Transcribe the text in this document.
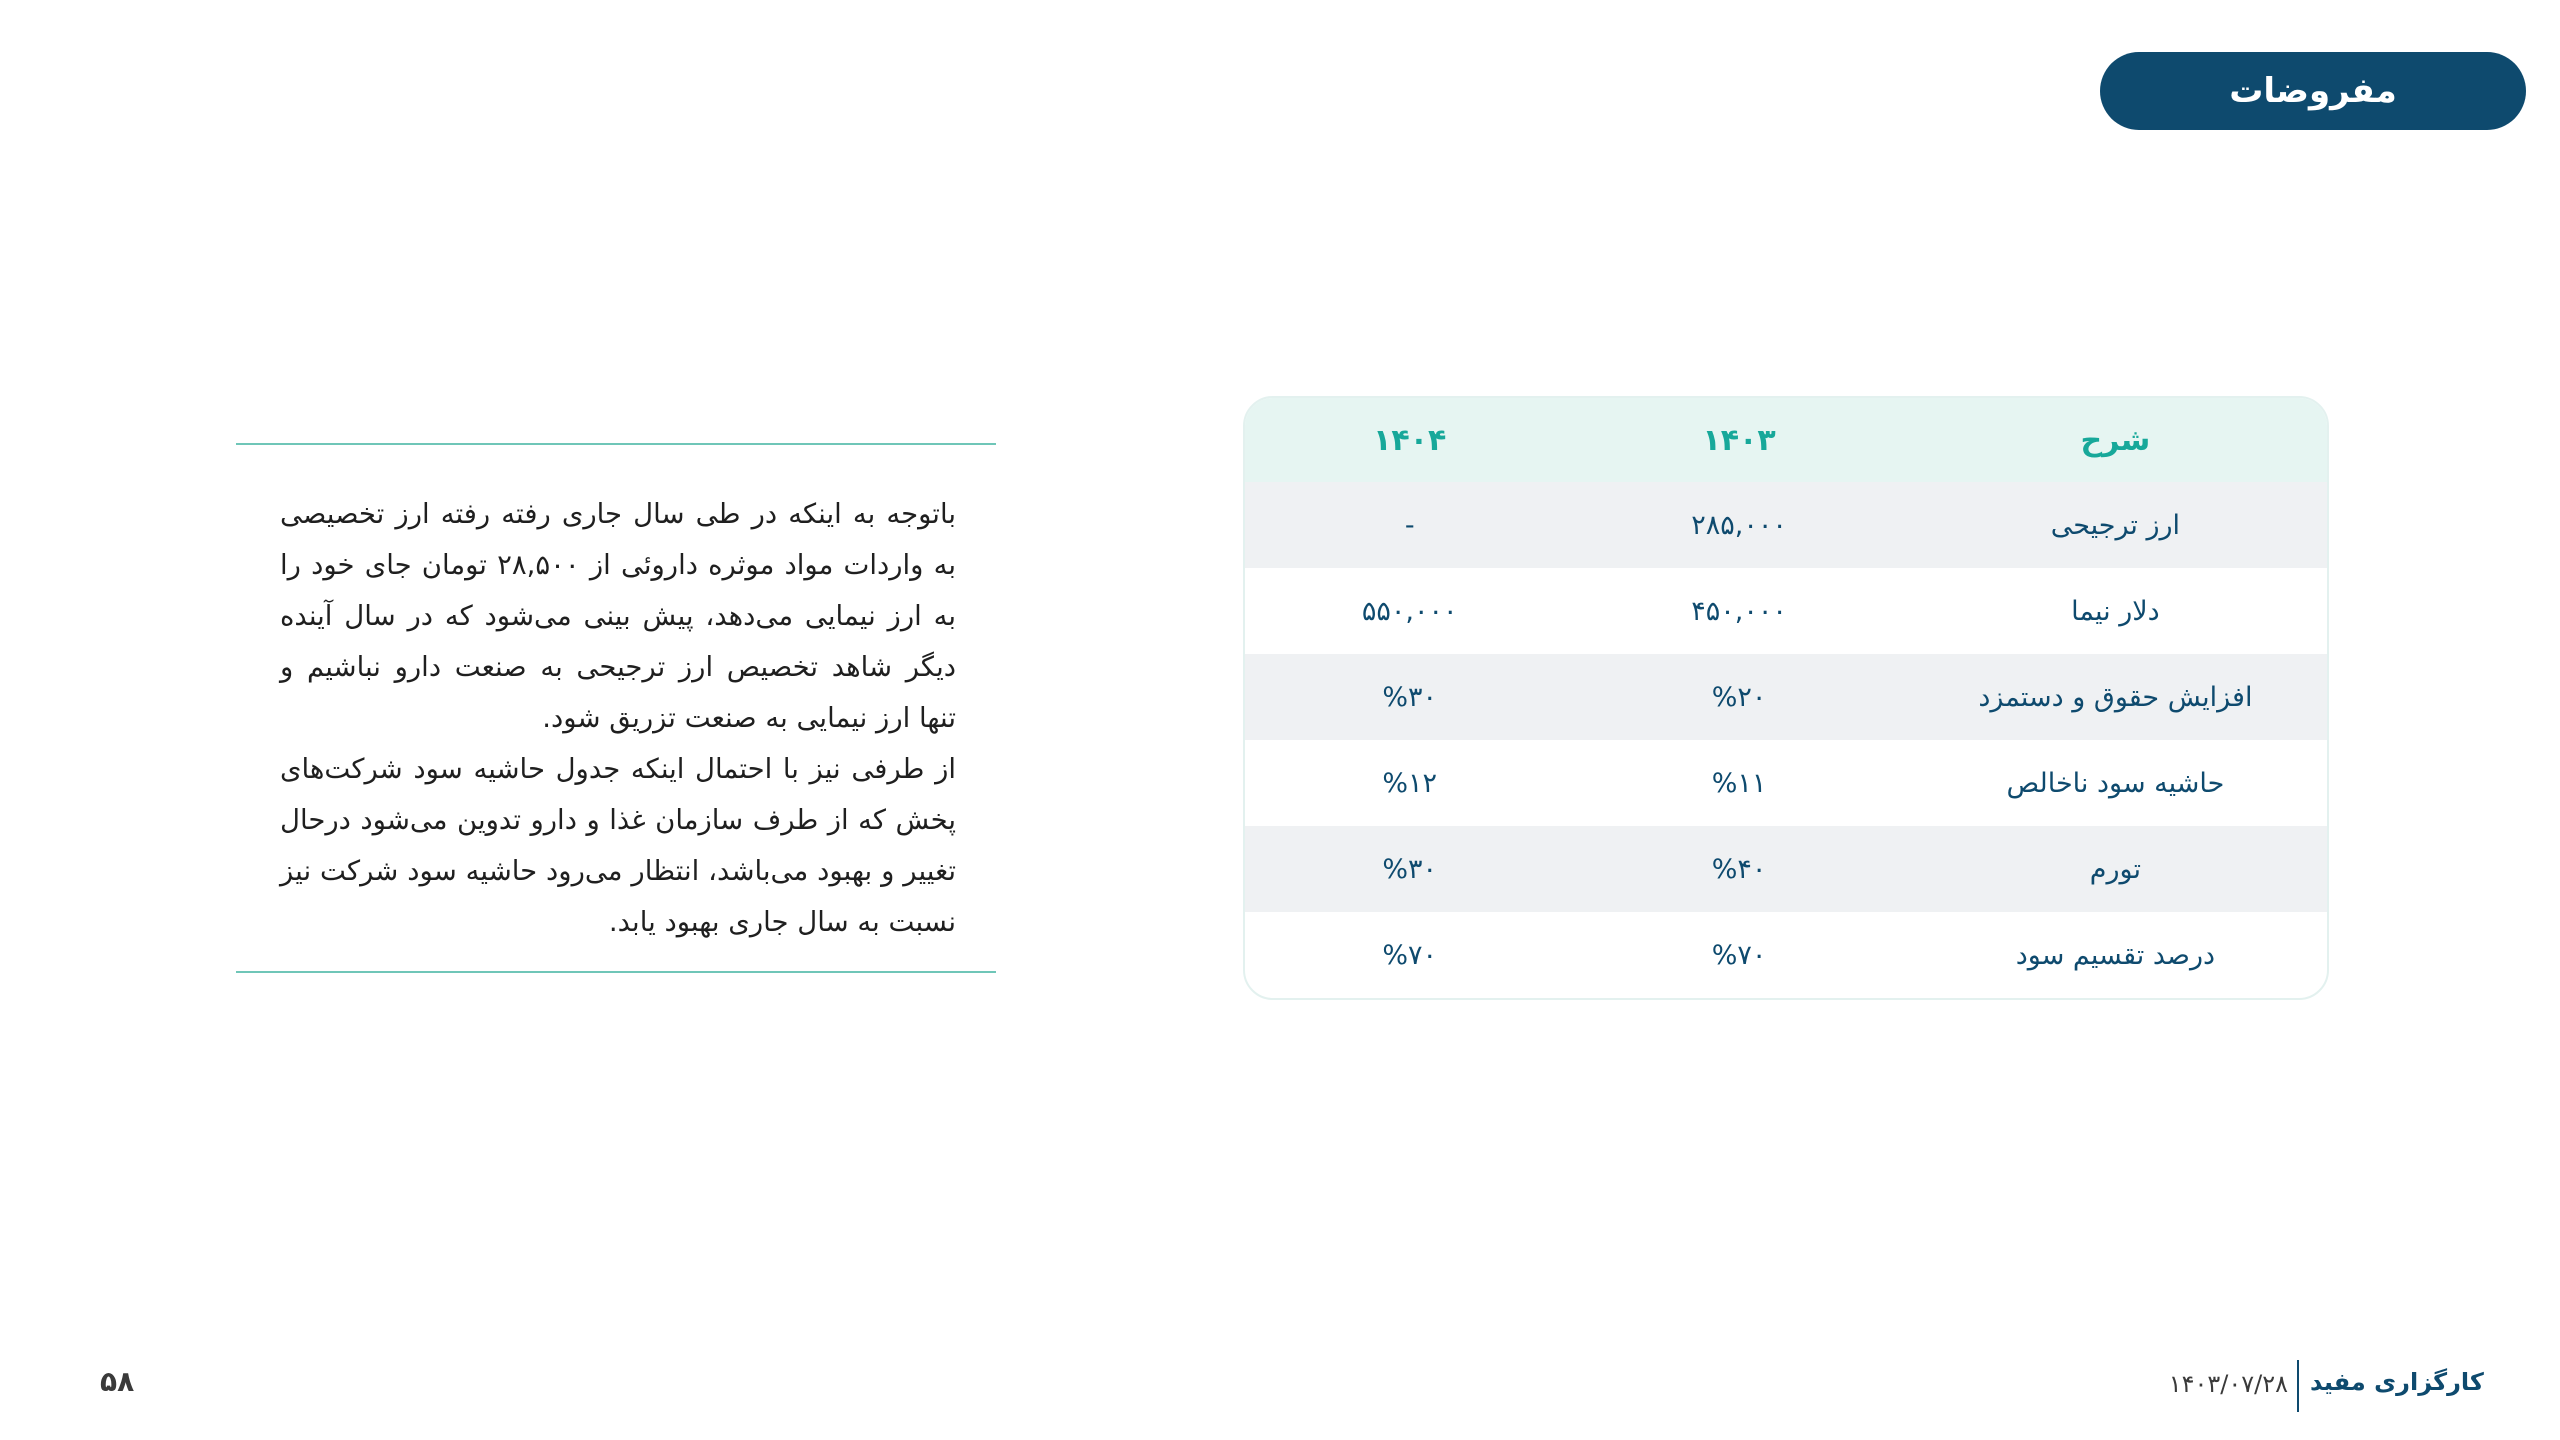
مفروضات

باتوجه به اینکه در طی سال جاری رفته رفته ارز تخصیصی به واردات مواد موثره داروئی از ۲۸,۵۰۰ تومان جای خود را به ارز نیمایی می‌دهد، پیش بینی می‌شود که در سال آینده دیگر شاهد تخصیص ارز ترجیحی به صنعت دارو نباشیم و تنها ارز نیمایی به صنعت تزریق شود.

از طرفی نیز با احتمال اینکه جدول حاشیه سود شرکت‌های پخش که از طرف سازمان غذا و دارو تدوین می‌شود درحال تغییر و بهبود می‌باشد، انتظار می‌رود حاشیه سود شرکت نیز نسبت به سال جاری بهبود یابد.

شرح
۱۴۰۳
۱۴۰۴
ارز ترجیحی
۲۸۵,۰۰۰
-
دلار نیما
۴۵۰,۰۰۰
۵۵۰,۰۰۰
افزایش حقوق و دستمزد
%۲۰
%۳۰
حاشیه سود ناخالص
%۱۱
%۱۲
تورم
%۴۰
%۳۰
درصد تقسیم سود
%۷۰
%۷۰
کارگزاری مفید
۱۴۰۳/۰۷/۲۸
۵۸
